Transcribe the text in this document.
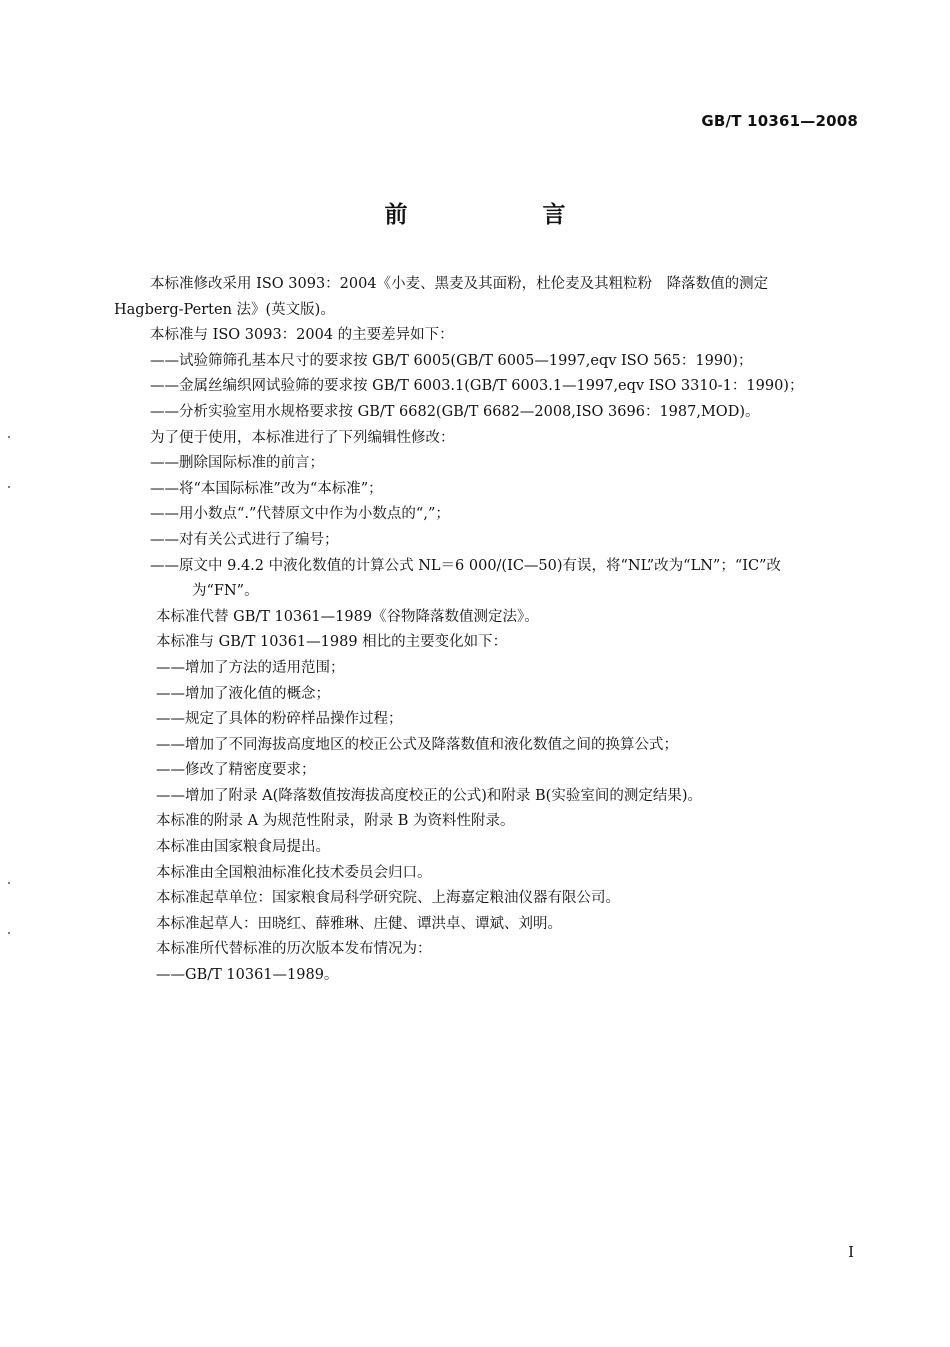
GB/T 10361—2008
前　言

本标准修改采用 ISO 3093：2004《小麦、黑麦及其面粉，杜伦麦及其粗粒粉　降落数值的测定

Hagberg-Perten 法》(英文版)。

本标准与 ISO 3093：2004 的主要差异如下：

——试验筛筛孔基本尺寸的要求按 GB/T 6005(GB/T 6005—1997,eqv ISO 565：1990)；

——金属丝编织网试验筛的要求按 GB/T 6003.1(GB/T 6003.1—1997,eqv ISO 3310-1：1990)；

——分析实验室用水规格要求按 GB/T 6682(GB/T 6682—2008,ISO 3696：1987,MOD)。

为了便于使用，本标准进行了下列编辑性修改：

——删除国际标准的前言；

——将“本国际标准”改为“本标准”；

——用小数点“.”代替原文中作为小数点的“,”；

——对有关公式进行了编号；

——原文中 9.4.2 中液化数值的计算公式 NL＝6 000/(IC—50)有误，将“NL”改为“LN”；“IC”改

为“FN”。

本标准代替 GB/T 10361—1989《谷物降落数值测定法》。

本标准与 GB/T 10361—1989 相比的主要变化如下：

——增加了方法的适用范围；

——增加了液化值的概念；

——规定了具体的粉碎样品操作过程；

——增加了不同海拔高度地区的校正公式及降落数值和液化数值之间的换算公式；

——修改了精密度要求；

——增加了附录 A(降落数值按海拔高度校正的公式)和附录 B(实验室间的测定结果)。

本标准的附录 A 为规范性附录，附录 B 为资料性附录。

本标准由国家粮食局提出。

本标准由全国粮油标准化技术委员会归口。

本标准起草单位：国家粮食局科学研究院、上海嘉定粮油仪器有限公司。

本标准起草人：田晓红、薛雅琳、庄健、谭洪卓、谭斌、刘明。

本标准所代替标准的历次版本发布情况为：

——GB/T 10361—1989。

I
